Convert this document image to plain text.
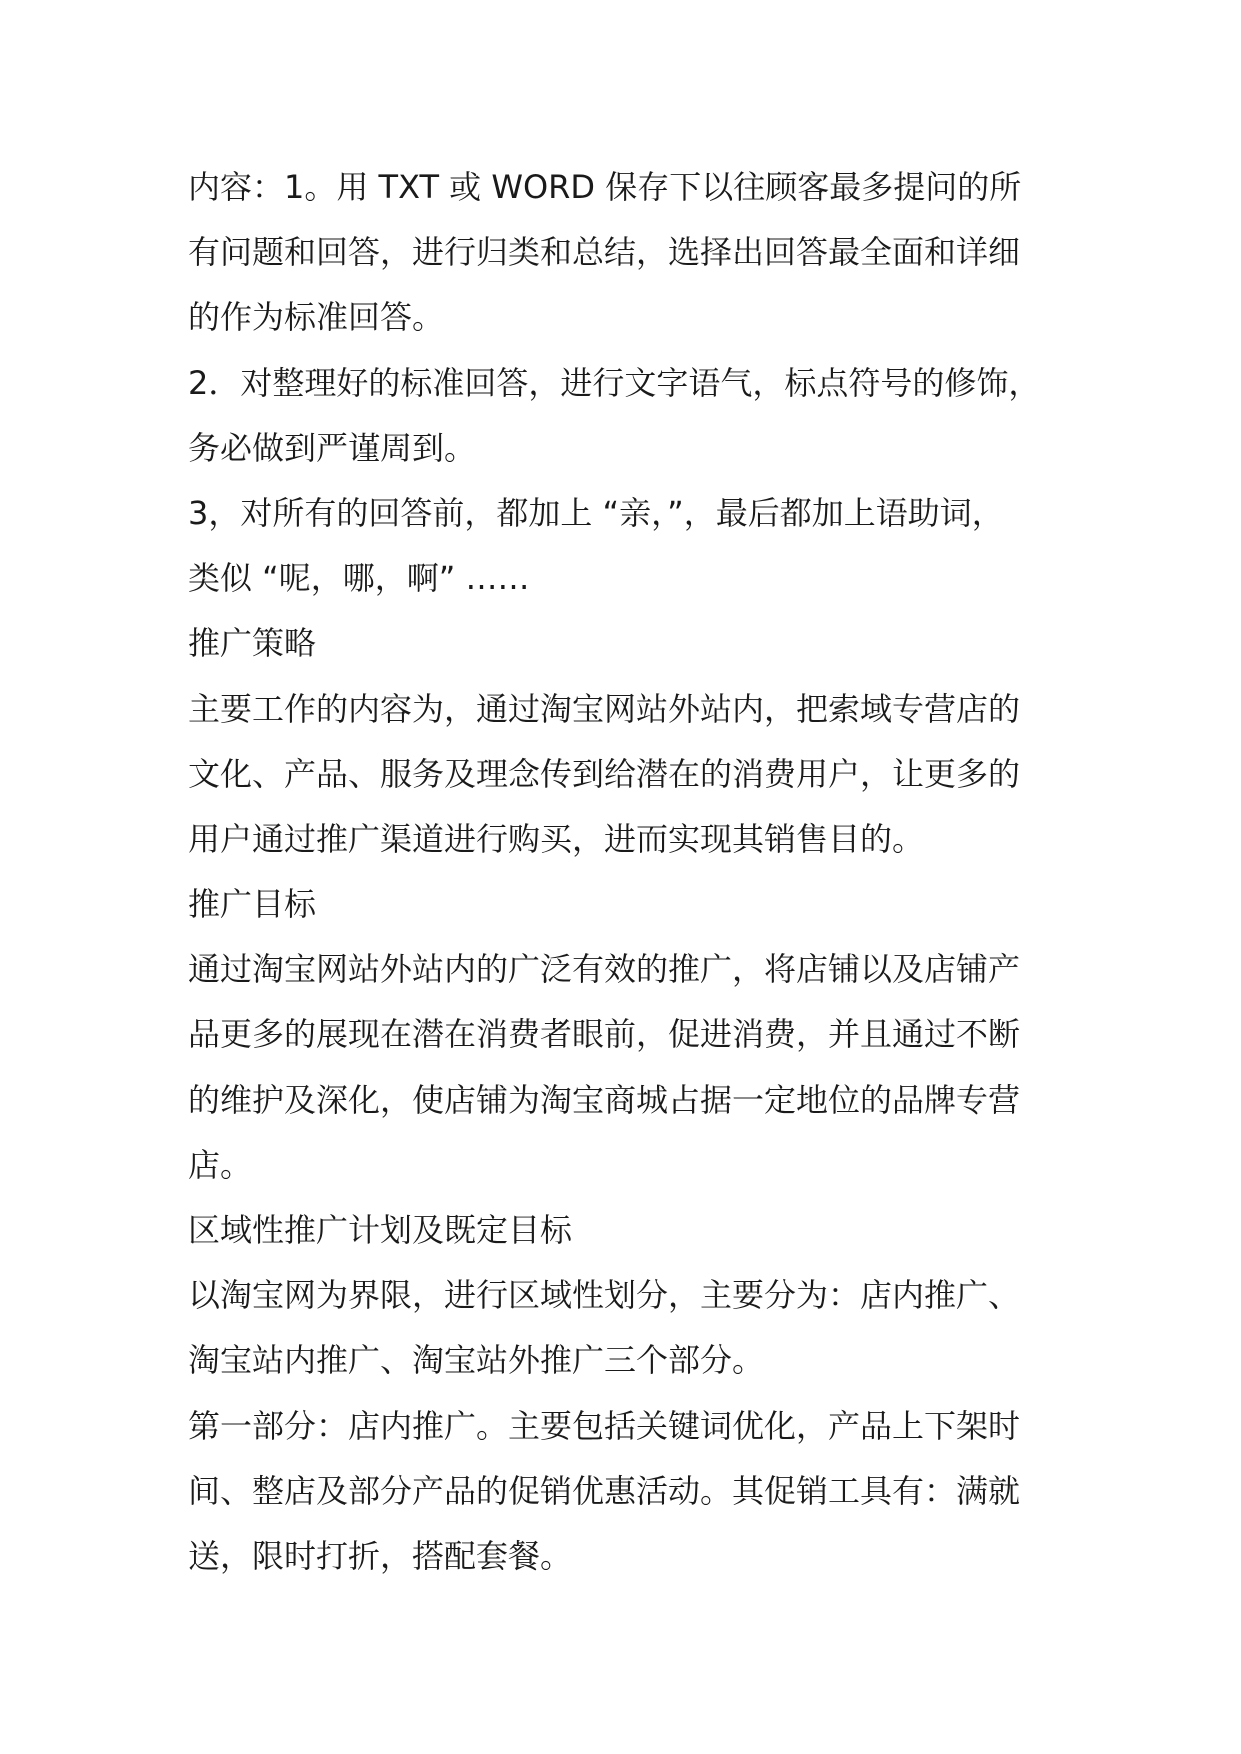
内容：1。用 TXT 或 WORD 保存下以往顾客最多提问的所
有问题和回答，进行归类和总结，选择出回答最全面和详细
的作为标准回答。
2．对整理好的标准回答，进行文字语气，标点符号的修饰，
务必做到严谨周到。
3，对所有的回答前，都加上 “亲，”，最后都加上语助词，
类似 “呢，哪，啊” ……
推广策略
主要工作的内容为，通过淘宝网站外站内，把索域专营店的
文化、产品、服务及理念传到给潜在的消费用户，让更多的
用户通过推广渠道进行购买，进而实现其销售目的。
推广目标
通过淘宝网站外站内的广泛有效的推广，将店铺以及店铺产
品更多的展现在潜在消费者眼前，促进消费，并且通过不断
的维护及深化，使店铺为淘宝商城占据一定地位的品牌专营
店。
区域性推广计划及既定目标
以淘宝网为界限，进行区域性划分，主要分为：店内推广、
淘宝站内推广、淘宝站外推广三个部分。
第一部分：店内推广。主要包括关键词优化，产品上下架时
间、整店及部分产品的促销优惠活动。其促销工具有：满就
送，限时打折，搭配套餐。
